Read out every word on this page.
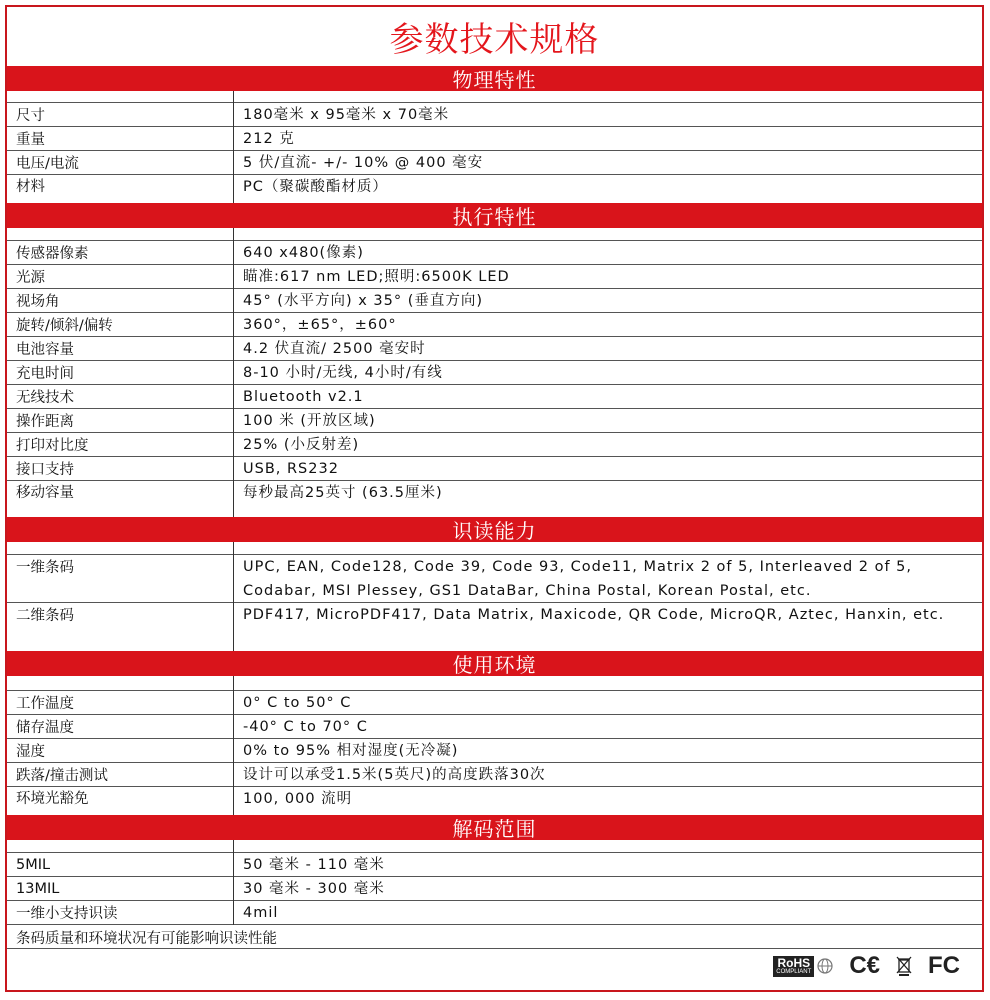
参数技术规格
物理特性
尺寸	180毫米 x 95毫米 x 70毫米
重量	212 克
电压/电流	5 伏/直流- +/- 10% @ 400 毫安
材料	PC（聚碳酸酯材质）
执行特性
传感器像素	640 x480(像素)
光源	瞄准:617 nm LED;照明:6500K LED
视场角	45° (水平方向) x 35° (垂直方向)
旋转/倾斜/偏转	360°，±65°，±60°
电池容量	4.2 伏直流/ 2500 毫安时
充电时间	8-10 小时/无线, 4小时/有线
无线技术	Bluetooth v2.1
操作距离	100 米 (开放区域)
打印对比度	25% (小反射差)
接口支持	USB, RS232
移动容量	每秒最高25英寸 (63.5厘米)
识读能力
一维条码	UPC, EAN, Code128, Code 39, Code 93, Code11, Matrix 2 of 5, Interleaved 2 of 5, Codabar, MSI Plessey, GS1 DataBar, China Postal, Korean Postal, etc.
二维条码	PDF417, MicroPDF417, Data Matrix, Maxicode, QR Code, MicroQR, Aztec, Hanxin, etc.
使用环境
工作温度	0° C to 50° C
储存温度	-40° C to 70° C
湿度	0% to 95% 相对湿度(无冷凝)
跌落/撞击测试	设计可以承受1.5米(5英尺)的高度跌落30次
环境光豁免	100, 000 流明
解码范围
5MIL	50 毫米 - 110 毫米
13MIL	30 毫米 - 300 毫米
一维小支持识读	4mil
条码质量和环境状况有可能影响识读性能
RoHS
COMPLIANT C​€ FC
